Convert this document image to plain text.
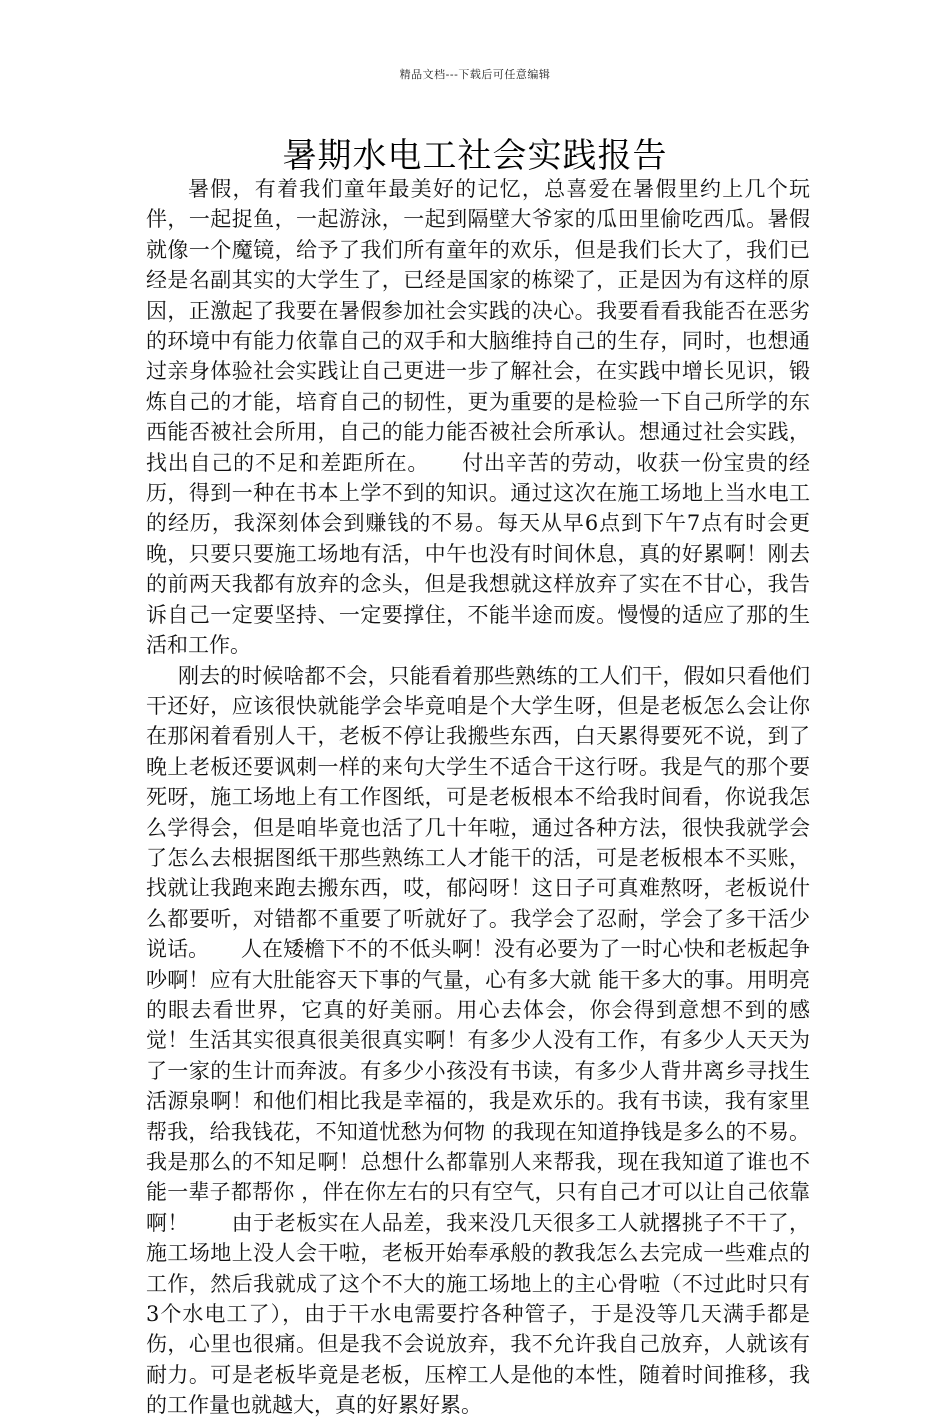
精品文档---下载后可任意编辑
暑期水电工社会实践报告

暑假，有着我们童年最美好的记忆，总喜爱在暑假里约上几个玩伴，一起捉鱼，一起游泳，一起到隔壁大爷家的瓜田里偷吃西瓜。暑假就像一个魔镜，给予了我们所有童年的欢乐，但是我们长大了，我们已经是名副其实的大学生了，已经是国家的栋梁了，正是因为有这样的原因，正激起了我要在暑假参加社会实践的决心。我要看看我能否在恶劣的环境中有能力依靠自己的双手和大脑维持自己的生存，同时，也想通过亲身体验社会实践让自己更进一步了解社会，在实践中增长见识，锻炼自己的才能，培育自己的韧性，更为重要的是检验一下自己所学的东西能否被社会所用，自己的能力能否被社会所承认。想通过社会实践，找出自己的不足和差距所在。　　付出辛苦的劳动，收获一份宝贵的经历，得到一种在书本上学不到的知识。通过这次在施工场地上当水电工的经历，我深刻体会到赚钱的不易。每天从早6点到下午7点有时会更晚，只要只要施工场地有活，中午也没有时间休息，真的好累啊！刚去的前两天我都有放弃的念头，但是我想就这样放弃了实在不甘心，我告诉自己一定要坚持、一定要撑住，不能半途而废。慢慢的适应了那的生活和工作。

刚去的时候啥都不会，只能看着那些熟练的工人们干，假如只看他们干还好，应该很快就能学会毕竟咱是个大学生呀，但是老板怎么会让你在那闲着看别人干，老板不停让我搬些东西，白天累得要死不说，到了晚上老板还要讽刺一样的来句大学生不适合干这行呀。我是气的那个要死呀，施工场地上有工作图纸，可是老板根本不给我时间看，你说我怎么学得会，但是咱毕竟也活了几十年啦，通过各种方法，很快我就学会了怎么去根据图纸干那些熟练工人才能干的活，可是老板根本不买账，找就让我跑来跑去搬东西，哎，郁闷呀！这日子可真难熬呀，老板说什么都要听，对错都不重要了听就好了。我学会了忍耐，学会了多干活少说话。　　人在矮檐下不的不低头啊！没有必要为了一时心快和老板起争吵啊！应有大肚能容天下事的气量，心有多大就 能干多大的事。用明亮的眼去看世界，它真的好美丽。用心去体会，你会得到意想不到的感觉！生活其实很真很美很真实啊！有多少人没有工作，有多少人天天为了一家的生计而奔波。有多少小孩没有书读，有多少人背井离乡寻找生活源泉啊！和他们相比我是幸福的，我是欢乐的。我有书读，我有家里帮我，给我钱花，不知道忧愁为何物 的我现在知道挣钱是多么的不易。我是那么的不知足啊！总想什么都靠别人来帮我，现在我知道了谁也不能一辈子都帮你 ，伴在你左右的只有空气，只有自己才可以让自己依靠啊！　　由于老板实在人品差，我来没几天很多工人就撂挑子不干了，施工场地上没人会干啦，老板开始奉承般的教我怎么去完成一些难点的工作，然后我就成了这个不大的施工场地上的主心骨啦（不过此时只有3个水电工了），由于干水电需要拧各种管子，于是没等几天满手都是伤，心里也很痛。但是我不会说放弃，我不允许我自己放弃，人就该有耐力。可是老板毕竟是老板，压榨工人是他的本性，随着时间推移，我的工作量也就越大，真的好累好累。
